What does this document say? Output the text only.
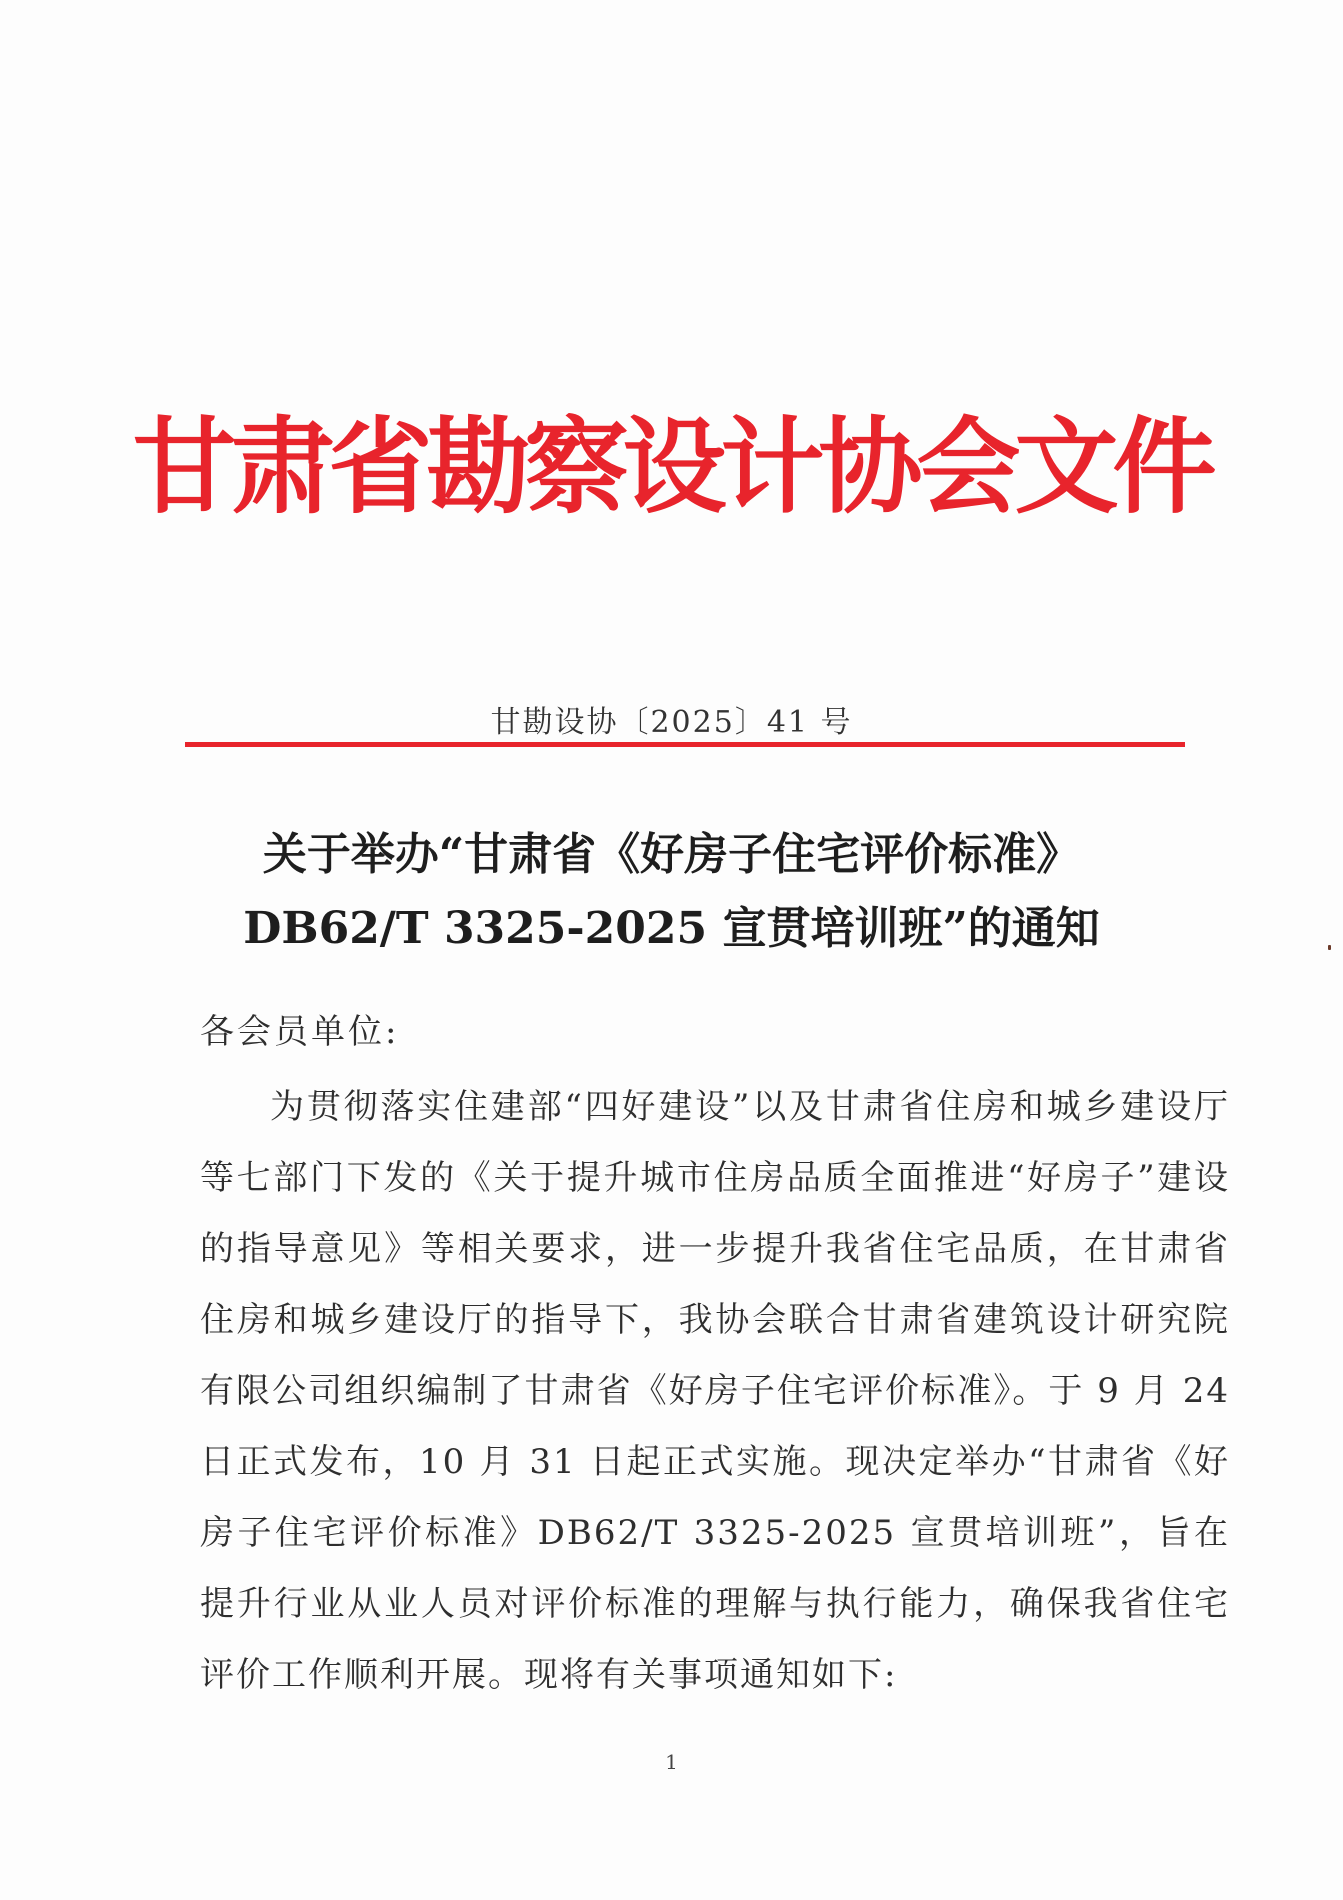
甘肃省勘察设计协会文件
甘勘设协〔2025〕41 号
关于举办“甘肃省《好房子住宅评价标准》
DB62/T 3325-2025 宣贯培训班”的通知
各会员单位:
为贯彻落实住建部“四好建设”以及甘肃省住房和城乡建设厅等七部门下发的《关于提升城市住房品质全面推进“好房子”建设的指导意见》等相关要求，进一步提升我省住宅品质，在甘肃省住房和城乡建设厅的指导下，我协会联合甘肃省建筑设计研究院有限公司组织编制了甘肃省《好房子住宅评价标准》。于 9 月 24 日正式发布，10 月 31 日起正式实施。现决定举办“甘肃省《好房子住宅评价标准》DB62/T 3325-2025 宣贯培训班”，旨在提升行业从业人员对评价标准的理解与执行能力，确保我省住宅评价工作顺利开展。现将有关事项通知如下:
1
